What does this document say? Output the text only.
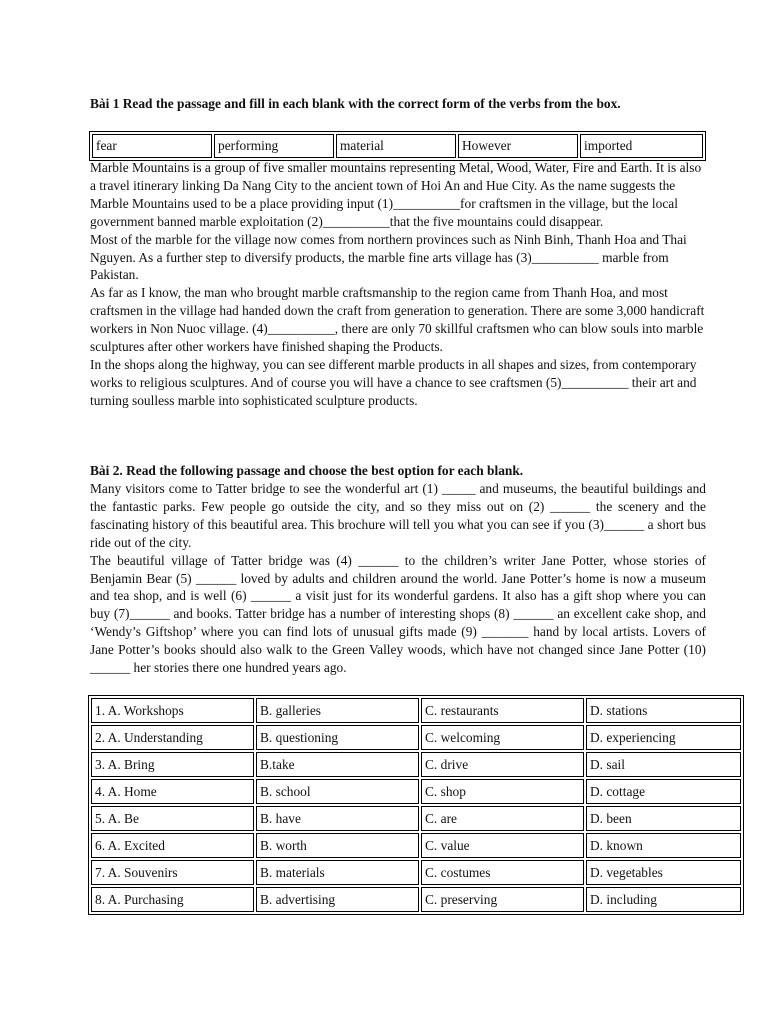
Bài 1 Read the passage and fill in each blank with the correct form of the verbs from the box.
fear	performing	material	However	imported

Marble Mountains is a group of five smaller mountains representing Metal, Wood, Water, Fire and Earth. It is also a travel itinerary linking Da Nang City to the ancient town of Hoi An and Hue City. As the name suggests the Marble Mountains used to be a place providing input (1)__________for craftsmen in the village, but the local government banned marble exploitation (2)__________that the five mountains could disappear.

Most of the marble for the village now comes from northern provinces such as Ninh Binh, Thanh Hoa and Thai Nguyen. As a further step to diversify products, the marble fine arts village has (3)__________ marble from Pakistan.

As far as I know, the man who brought marble craftsmanship to the region came from Thanh Hoa, and most craftsmen in the village had handed down the craft from generation to generation. There are some 3,000 handicraft workers in Non Nuoc village. (4)__________, there are only 70 skillful craftsmen who can blow souls into marble sculptures after other workers have finished shaping the Products.

In the shops along the highway, you can see different marble products in all shapes and sizes, from contemporary works to religious sculptures. And of course you will have a chance to see craftsmen (5)__________ their art and turning soulless marble into sophisticated sculpture products.

Bài 2. Read the following passage and choose the best option for each blank.

Many visitors come to Tatter bridge to see the wonderful art (1) _____ and museums, the beautiful buildings and the fantastic parks. Few people go outside the city, and so they miss out on (2) ______ the scenery and the fascinating history of this beautiful area. This brochure will tell you what you can see if you (3)______ a short bus ride out of the city.

The beautiful village of Tatter bridge was (4) ______ to the children’s writer Jane Potter, whose stories of Benjamin Bear (5) ______ loved by adults and children around the world. Jane Potter’s home is now a museum and tea shop, and is well (6) ______ a visit just for its wonderful gardens. It also has a gift shop where you can buy (7)______ and books. Tatter bridge has a number of interesting shops (8) ______ an excellent cake shop, and ‘Wendy’s Giftshop’ where you can find lots of unusual gifts made (9) _______ hand by local artists. Lovers of Jane Potter’s books should also walk to the Green Valley woods, which have not changed since Jane Potter (10) ______ her stories there one hundred years ago.

1. A. Workshops	B. galleries	C. restaurants	D. stations
2. A. Understanding	B. questioning	C. welcoming	D. experiencing
3. A. Bring	B.take	C. drive	D. sail
4. A. Home	B. school	C. shop	D. cottage
5. A. Be	B. have	C. are	D. been
6. A. Excited	B. worth	C. value	D. known
7. A. Souvenirs	B. materials	C. costumes	D. vegetables
8. A. Purchasing	B. advertising	C. preserving	D. including
